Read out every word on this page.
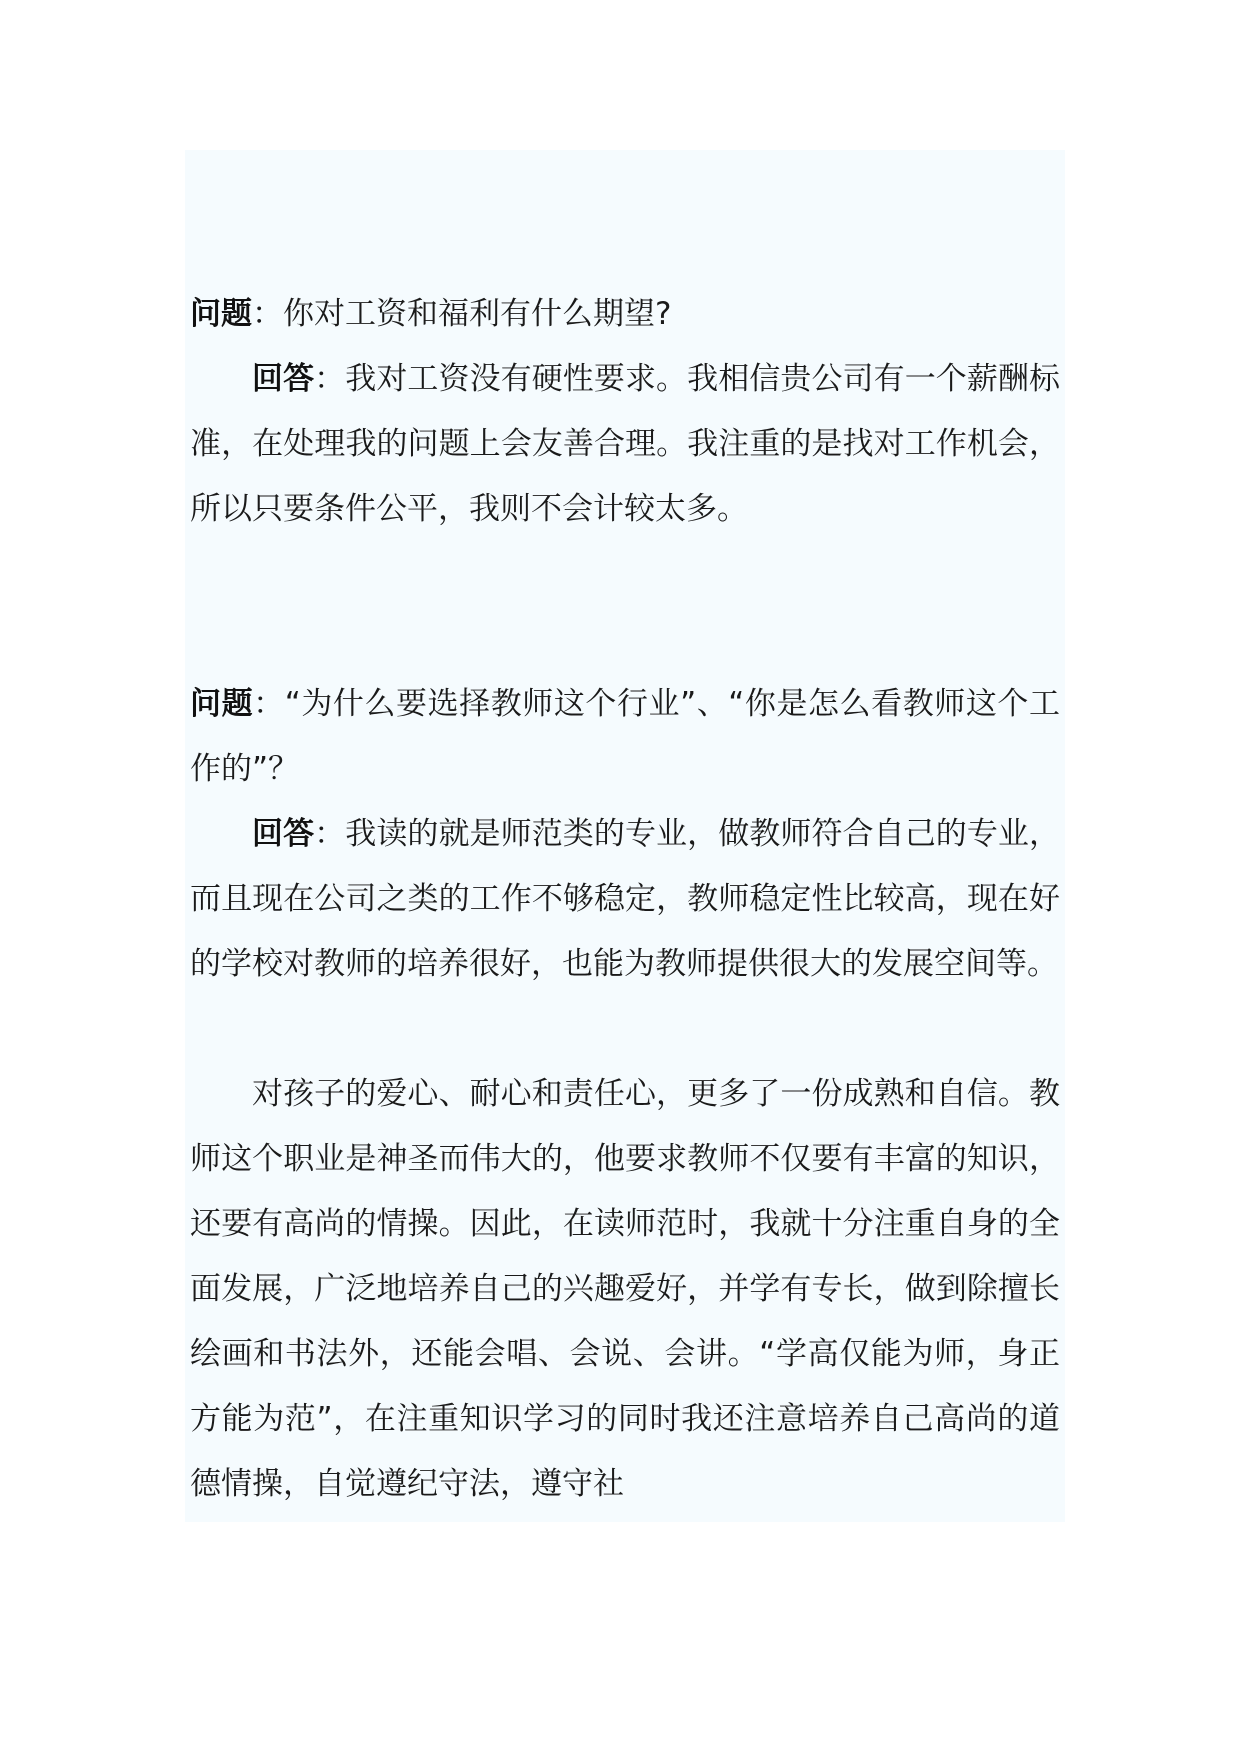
问题：你对工资和福利有什么期望?

回答：我对工资没有硬性要求。我相信贵公司有一个薪酬标准，在处理我的问题上会友善合理。我注重的是找对工作机会，所以只要条件公平，我则不会计较太多。

问题：“为什么要选择教师这个行业”、“你是怎么看教师这个工作的”？

回答：我读的就是师范类的专业，做教师符合自己的专业，而且现在公司之类的工作不够稳定，教师稳定性比较高，现在好的学校对教师的培养很好，也能为教师提供很大的发展空间等。

对孩子的爱心、耐心和责任心，更多了一份成熟和自信。教师这个职业是神圣而伟大的，他要求教师不仅要有丰富的知识，还要有高尚的情操。因此，在读师范时，我就十分注重自身的全面发展，广泛地培养自己的兴趣爱好，并学有专长，做到除擅长绘画和书法外，还能会唱、会说、会讲。“学高仅能为师，身正方能为范”，在注重知识学习的同时我还注意培养自己高尚的道德情操，自觉遵纪守法，遵守社
